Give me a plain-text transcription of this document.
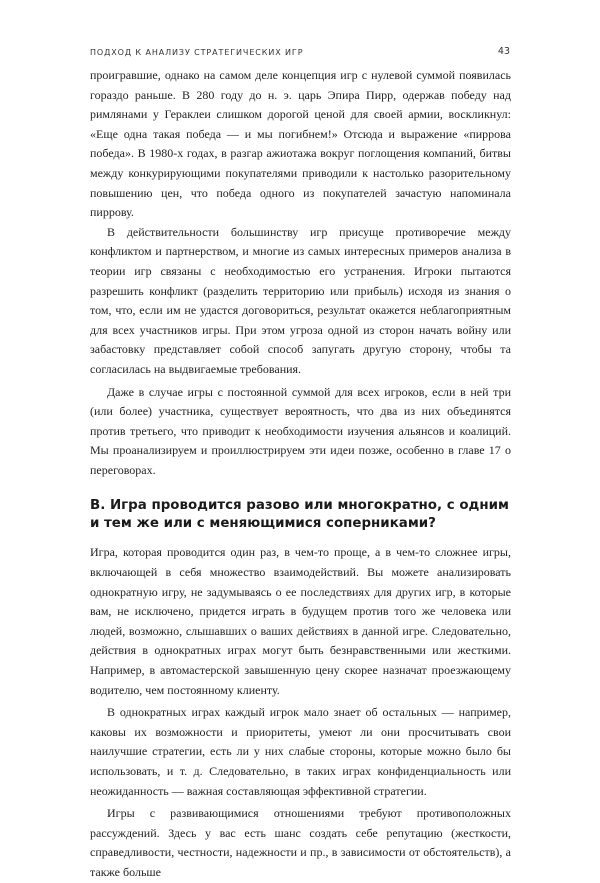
ПОДХОД К АНАЛИЗУ СТРАТЕГИЧЕСКИХ ИГР	43

проигравшие, однако на самом деле концепция игр с нулевой суммой появилась гораздо раньше. В 280 году до н. э. царь Эпира Пирр, одержав победу над римлянами у Гераклеи слишком дорогой ценой для своей армии, воскликнул: «Еще одна такая победа — и мы погибнем!» Отсюда и выражение «пиррова победа». В 1980-х годах, в разгар ажиотажа вокруг поглощения компаний, битвы между конкурирующими покупателями приводили к настолько разорительному повышению цен, что победа одного из покупателей зачастую напоминала пиррову.

В действительности большинству игр присуще противоречие между конфликтом и партнерством, и многие из самых интересных примеров анализа в теории игр связаны с необходимостью его устранения. Игроки пытаются разрешить конфликт (разделить территорию или прибыль) исходя из знания о том, что, если им не удастся договориться, результат окажется неблагоприятным для всех участников игры. При этом угроза одной из сторон начать войну или забастовку представляет собой способ запугать другую сторону, чтобы та согласилась на выдвигаемые требования.

Даже в случае игры с постоянной суммой для всех игроков, если в ней три (или более) участника, существует вероятность, что два из них объединятся против третьего, что приводит к необходимости изучения альянсов и коалиций. Мы проанализируем и проиллюстрируем эти идеи позже, особенно в главе 17 о переговорах.

В. Игра проводится разово или многократно, с одним и тем же или с меняющимися соперниками?

Игра, которая проводится один раз, в чем-то проще, а в чем-то сложнее игры, включающей в себя множество взаимодействий. Вы можете анализировать однократную игру, не задумываясь о ее последствиях для других игр, в которые вам, не исключено, придется играть в будущем против того же человека или людей, возможно, слышавших о ваших действиях в данной игре. Следовательно, действия в однократных играх могут быть безнравственными или жесткими. Например, в автомастерской завышенную цену скорее назначат проезжающему водителю, чем постоянному клиенту.

В однократных играх каждый игрок мало знает об остальных — например, каковы их возможности и приоритеты, умеют ли они просчитывать свои наилучшие стратегии, есть ли у них слабые стороны, которые можно было бы использовать, и т. д. Следовательно, в таких играх конфиденциальность или неожиданность — важная составляющая эффективной стратегии.

Игры с развивающимися отношениями требуют противоположных рассуждений. Здесь у вас есть шанс создать себе репутацию (жесткости, справедливости, честности, надежности и пр., в зависимости от обстоятельств), а также больше
